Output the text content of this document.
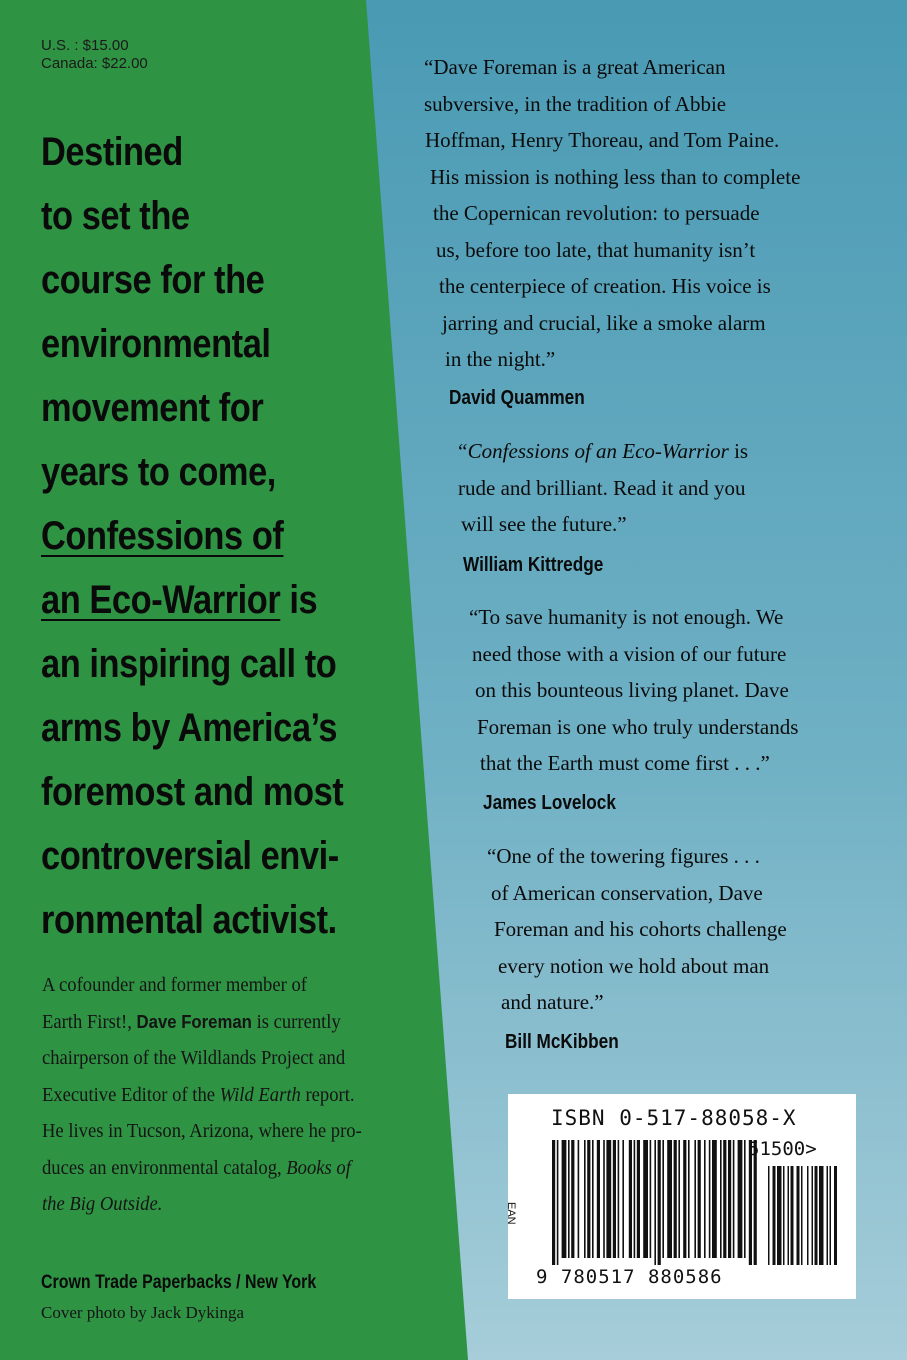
U.S. : $15.00
Canada: $22.00
Destined
to set the
course for the
environmental
movement for
years to come,
Confessions of
an Eco-Warrior is
an inspiring call to
arms by America’s
foremost and most
controversial envi-
ronmental activist.
A cofounder and former member of
Earth First!, Dave Foreman is currently
chairperson of the Wildlands Project and
Executive Editor of the Wild Earth report.
He lives in Tucson, Arizona, where he pro-
duces an environmental catalog, Books of
the Big Outside.
Crown Trade Paperbacks / New York
Cover photo by Jack Dykinga
“Dave Foreman is a great American
subversive, in the tradition of Abbie
Hoffman, Henry Thoreau, and Tom Paine.
His mission is nothing less than to complete
the Copernican revolution: to persuade
us, before too late, that humanity isn’t
the centerpiece of creation. His voice is
jarring and crucial, like a smoke alarm
in the night.”
David Quammen
“Confessions of an Eco-Warrior is
rude and brilliant. Read it and you
will see the future.”
William Kittredge
“To save humanity is not enough. We
need those with a vision of our future
on this bounteous living planet. Dave
Foreman is one who truly understands
that the Earth must come first . . .”
James Lovelock
“One of the towering figures . . .
of American conservation, Dave
Foreman and his cohorts challenge
every notion we hold about man
and nature.”
Bill McKibben
ISBN 0-517-88058-X
51500>
EAN
9 780517 880586
